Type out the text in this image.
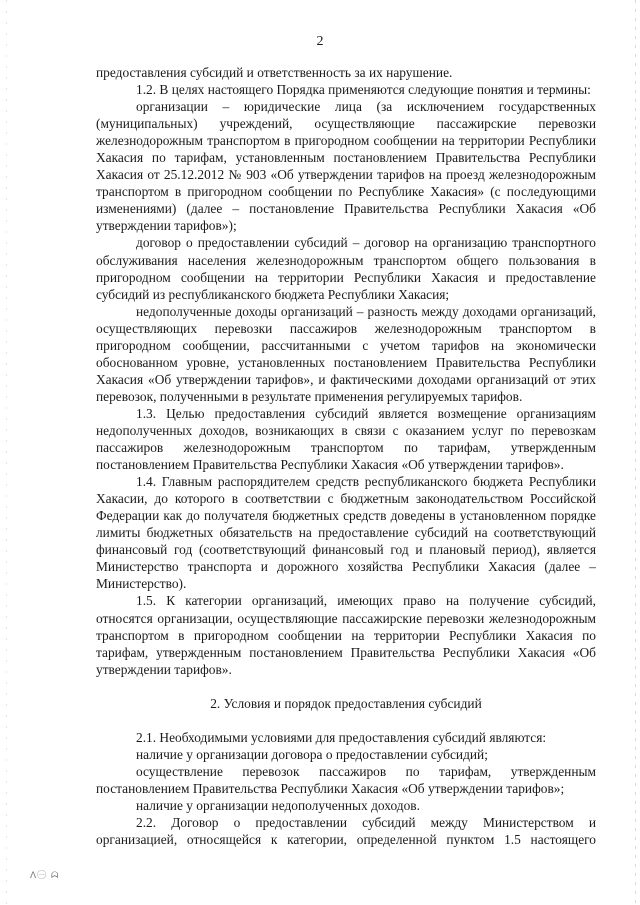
2

предоставления субсидий и ответственность за их нарушение.

1.2. В целях настоящего Порядка применяются следующие понятия и термины:

организации – юридические лица (за исключением государственных (муниципальных) учреждений, осуществляющие пассажирские перевозки железнодорожным транспортом в пригородном сообщении на территории Республики Хакасия по тарифам, установленным постановлением Правительства Республики Хакасия от 25.12.2012 № 903 «Об утверждении тарифов на проезд железнодорожным транспортом в пригородном сообщении по Республике Хакасия» (с последующими изменениями) (далее – постановление Правительства Республики Хакасия «Об утверждении тарифов»);

договор о предоставлении субсидий – договор на организацию транспортного обслуживания населения железнодорожным транспортом общего пользования в пригородном сообщении на территории Республики Хакасия и предоставление субсидий из республиканского бюджета Республики Хакасия;

недополученные доходы организаций – разность между доходами организаций, осуществляющих перевозки пассажиров железнодорожным транспортом в пригородном сообщении, рассчитанными с учетом тарифов на экономически обоснованном уровне, установленных постановлением Правительства Республики Хакасия «Об утверждении тарифов», и фактическими доходами организаций от этих перевозок, полученными в результате применения регулируемых тарифов.

1.3. Целью предоставления субсидий является возмещение организациям недополученных доходов, возникающих в связи с оказанием услуг по перевозкам пассажиров железнодорожным транспортом по тарифам, утвержденным постановлением Правительства Республики Хакасия «Об утверждении тарифов».

1.4. Главным распорядителем средств республиканского бюджета Республики Хакасии, до которого в соответствии с бюджетным законодательством Российской Федерации как до получателя бюджетных средств доведены в установленном порядке лимиты бюджетных обязательств на предоставление субсидий на соответствующий финансовый год (соответствующий финансовый год и плановый период), является Министерство транспорта и дорожного хозяйства Республики Хакасия (далее – Министерство).

1.5. К категории организаций, имеющих право на получение субсидий, относятся организации, осуществляющие пассажирские перевозки железнодорожным транспортом в пригородном сообщении на территории Республики Хакасия по тарифам, утвержденным постановлением Правительства Республики Хакасия «Об утверждении тарифов».

2. Условия и порядок предоставления субсидий

2.1. Необходимыми условиями для предоставления субсидий являются:

наличие у организации договора о предоставлении субсидий;

осуществление перевозок пассажиров по тарифам, утвержденным постановлением Правительства Республики Хакасия «Об утверждении тарифов»;

наличие у организации недополученных доходов.

2.2. Договор о предоставлении субсидий между Министерством и организацией, относящейся к категории, определенной пунктом 1.5 настоящего

ᐱ㊀ ᗣ
